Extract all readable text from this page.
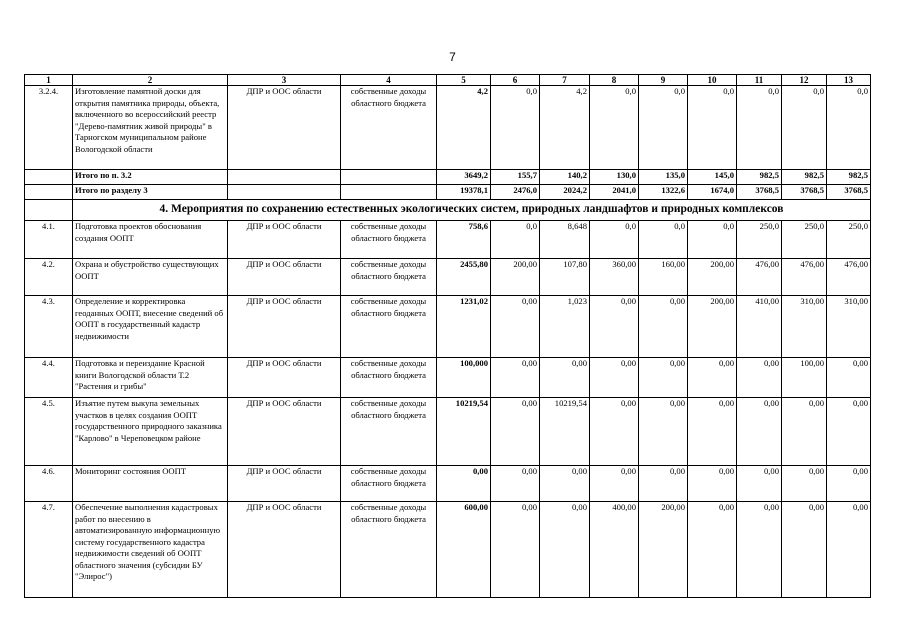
7
1	2	3	4	5	6	7	8	9	10	11	12	13
3.2.4.	Изготовление памятной доски для открытия памятника природы, объекта, включенного во всероссийский реестр "Дерево-памятник живой природы" в Тарногском муниципальном районе Вологодской области	ДПР и ООС области	собственные доходы областного бюджета	4,2	0,0	4,2	0,0	0,0	0,0	0,0	0,0	0,0
	Итого по п. 3.2			3649,2	155,7	140,2	130,0	135,0	145,0	982,5	982,5	982,5
	Итого по разделу 3			19378,1	2476,0	2024,2	2041,0	1322,6	1674,0	3768,5	3768,5	3768,5
	4. Мероприятия по сохранению естественных экологических систем, природных ландшафтов и природных комплексов											
4.1.	Подготовка проектов обоснования создания ООПТ	ДПР и ООС области	собственные доходы областного бюджета	758,6	0,0	8,648	0,0	0,0	0,0	250,0	250,0	250,0
4.2.	Охрана и обустройство существующих ООПТ	ДПР и ООС области	собственные доходы областного бюджета	2455,80	200,00	107,80	360,00	160,00	200,00	476,00	476,00	476,00
4.3.	Определение и корректировка геоданных ООПТ, внесение сведений об ООПТ в государственный кадастр недвижимости	ДПР и ООС области	собственные доходы областного бюджета	1231,02	0,00	1,023	0,00	0,00	200,00	410,00	310,00	310,00
4.4.	Подготовка и переиздание Красной книги Вологодской области Т.2 "Растения и грибы"	ДПР и ООС области	собственные доходы областного бюджета	100,000	0,00	0,00	0,00	0,00	0,00	0,00	100,00	0,00
4.5.	Изъятие путем выкупа земельных участков в целях создания ООПТ государственного природного заказника "Карлово" в Череповецком районе	ДПР и ООС области	собственные доходы областного бюджета	10219,54	0,00	10219,54	0,00	0,00	0,00	0,00	0,00	0,00
4.6.	Мониторинг состояния ООПТ	ДПР и ООС области	собственные доходы областного бюджета	0,00	0,00	0,00	0,00	0,00	0,00	0,00	0,00	0,00
4.7.	Обеспечение выполнения кадастровых работ по внесению в автоматизированную информационную систему государственного кадастра недвижимости сведений об ООПТ областного значения (субсидии БУ "Элирос")	ДПР и ООС области	собственные доходы областного бюджета	600,00	0,00	0,00	400,00	200,00	0,00	0,00	0,00	0,00
